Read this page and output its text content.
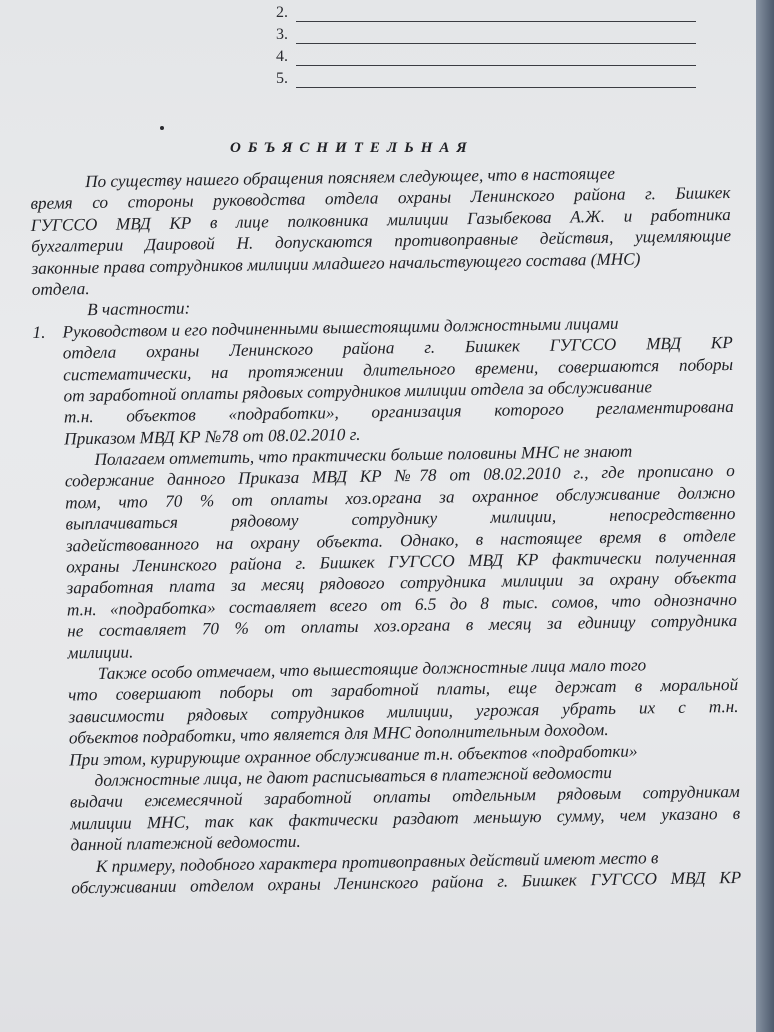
2.
3.
4.
5.
ОБЪЯСНИТЕЛЬНАЯ
По существу нашего обращения поясняем следующее, что в настоящее
время со стороны руководства отдела охраны Ленинского района г. Бишкек
ГУГССО МВД КР в лице полковника милиции Газыбекова А.Ж. и работника
бухгалтерии Даировой Н. допускаются противоправные действия, ущемляющие
законные права сотрудников милиции младшего начальствующего состава (МНС)
отдела.
В частности:
1. Руководством и его подчиненными вышестоящими должностными лицами
отдела охраны Ленинского района г. Бишкек ГУГССО МВД КР
систематически, на протяжении длительного времени, совершаются поборы
от заработной оплаты рядовых сотрудников милиции отдела за обслуживание
т.н. объектов «подработки», организация которого регламентирована
Приказом МВД КР №78 от 08.02.2010 г.
Полагаем отметить, что практически больше половины МНС не знают
содержание данного Приказа МВД КР №78 от 08.02.2010 г., где прописано о
том, что 70 % от оплаты хоз.органа за охранное обслуживание должно
выплачиваться рядовому сотруднику милиции, непосредственно
задействованного на охрану объекта. Однако, в настоящее время в отделе
охраны Ленинского района г. Бишкек ГУГССО МВД КР фактически полученная
заработная плата за месяц рядового сотрудника милиции за охрану объекта
т.н. «подработка» составляет всего от 6.5 до 8 тыс. сомов, что однозначно
не составляет 70 % от оплаты хоз.органа в месяц за единицу сотрудника
милиции.
Также особо отмечаем, что вышестоящие должностные лица мало того
что совершают поборы от заработной платы, еще держат в моральной
зависимости рядовых сотрудников милиции, угрожая убрать их с т.н.
объектов подработки, что является для МНС дополнительным доходом.
При этом, курирующие охранное обслуживание т.н. объектов «подработки»
должностные лица, не дают расписываться в платежной ведомости
выдачи ежемесячной заработной оплаты отдельным рядовым сотрудникам
милиции МНС, так как фактически раздают меньшую сумму, чем указано в
данной платежной ведомости.
К примеру, подобного характера противоправных действий имеют место в
обслуживании отделом охраны Ленинского района г. Бишкек ГУГССО МВД КР
